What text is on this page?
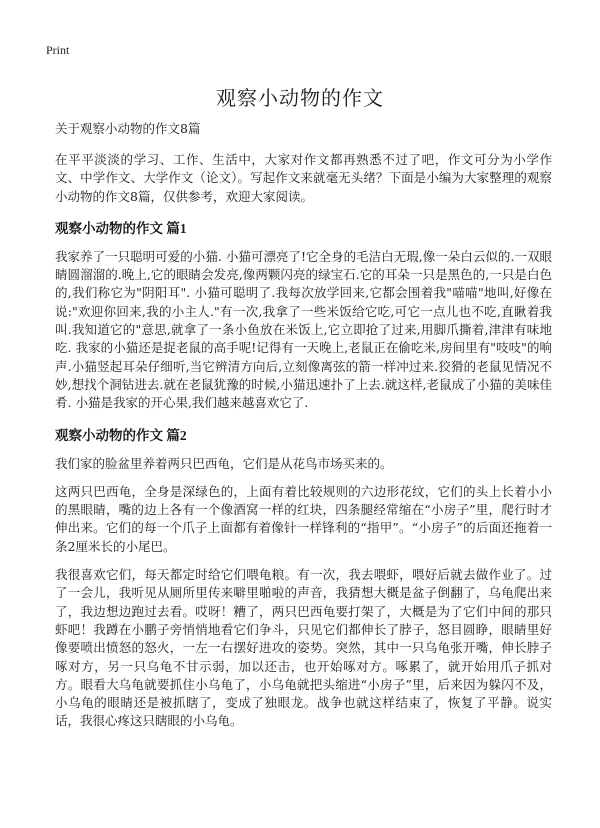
Print
观察小动物的作文

关于观察小动物的作文8篇

在平平淡淡的学习、工作、生活中，大家对作文都再熟悉不过了吧，作文可分为小学作文、中学作文、大学作文（论文）。写起作文来就毫无头绪？下面是小编为大家整理的观察小动物的作文8篇，仅供参考，欢迎大家阅读。

观察小动物的作文 篇1

我家养了一只聪明可爱的小猫. 小猫可漂亮了!它全身的毛洁白无瑕,像一朵白云似的.一双眼睛圆溜溜的.晚上,它的眼睛会发亮,像两颗闪亮的绿宝石.它的耳朵一只是黑色的,一只是白色的,我们称它为"阴阳耳". 小猫可聪明了.我每次放学回来,它都会围着我"喵喵"地叫,好像在说:"欢迎你回来,我的小主人."有一次,我拿了一些米饭给它吃,可它一点儿也不吃,直瞅着我叫.我知道它的"意思,就拿了一条小鱼放在米饭上,它立即抢了过来,用脚爪撕着,津津有味地吃. 我家的小猫还是捉老鼠的高手呢!记得有一天晚上,老鼠正在偷吃米,房间里有"吱吱"的响声.小猫竖起耳朵仔细听,当它辨清方向后,立刻像离弦的箭一样冲过来.狡猾的老鼠见情况不妙,想找个洞钻进去.就在老鼠犹豫的时候,小猫迅速扑了上去.就这样,老鼠成了小猫的美味佳肴. 小猫是我家的开心果,我们越来越喜欢它了.

观察小动物的作文 篇2

我们家的脸盆里养着两只巴西龟，它们是从花鸟市场买来的。

这两只巴西龟，全身是深绿色的，上面有着比较规则的六边形花纹，它们的头上长着小小的黑眼睛，嘴的边上各有一个像酒窝一样的红块，四条腿经常缩在“小房子”里，爬行时才伸出来。它们的每一个爪子上面都有着像针一样锋利的“指甲”。“小房子”的后面还拖着一条2厘米长的小尾巴。

我很喜欢它们，每天都定时给它们喂龟粮。有一次，我去喂虾，喂好后就去做作业了。过了一会儿，我听见从厕所里传来噼里啪啦的声音，我猜想大概是盆子倒翻了，乌龟爬出来了，我边想边跑过去看。哎呀！糟了，两只巴西龟要打架了，大概是为了它们中间的那只虾吧！我蹲在小鹏子旁悄悄地看它们争斗，只见它们都伸长了脖子，怒目圆睁，眼睛里好像要喷出愤怒的怒火，一左一右摆好进攻的姿势。突然，其中一只乌龟张开嘴，伸长脖子啄对方，另一只乌龟不甘示弱，加以还击，也开始啄对方。啄累了，就开始用爪子抓对方。眼看大乌龟就要抓住小乌龟了，小乌龟就把头缩进“小房子”里，后来因为躲闪不及，小乌龟的眼睛还是被抓瞎了，变成了独眼龙。战争也就这样结束了，恢复了平静。说实话，我很心疼这只瞎眼的小乌龟。
